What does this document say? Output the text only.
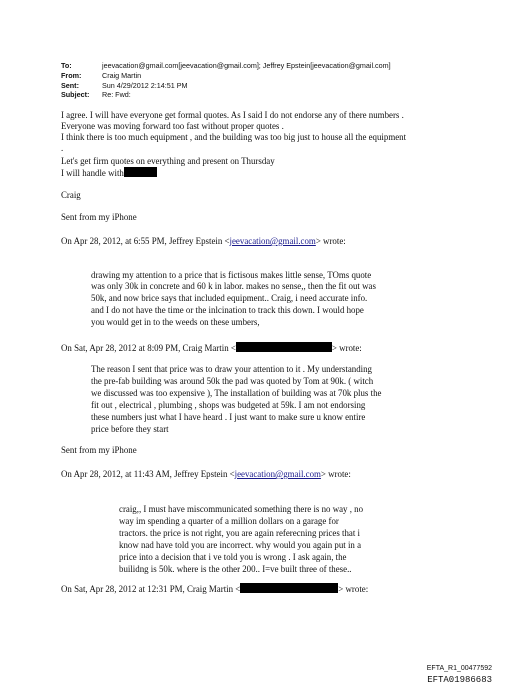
To:	jeevacation@gmail.com[jeevacation@gmail.com]; Jeffrey Epstein[jeevacation@gmail.com]
From:	Craig Martin
Sent:	Sun 4/29/2012 2:14:51 PM
Subject: Re: Fwd:
I agree. I will have everyone get formal quotes. As I said I do not endorse any of there numbers .
Everyone was moving forward too fast without proper quotes .
I think there is too much equipment , and the building was too big just to house all the equipment
.
Let's get firm quotes on everything and present on Thursday
I will handle with
Craig
Sent from my iPhone
On Apr 28, 2012, at 6:55 PM, Jeffrey Epstein <jeevacation@gmail.com> wrote:
drawing my attention to a price that is fictisous makes little sense, TOms quote
was only 30k in concrete and 60 k in labor. makes no sense,, then the fit out was
50k, and now brice says that included equipment.. Craig, i need accurate info.
and I do not have the time or the inlcination to track this down. I would hope
you would get in to the weeds on these umbers,
On Sat, Apr 28, 2012 at 8:09 PM, Craig Martin <	> wrote:
The reason I sent that price was to draw your attention to it . My understanding
the pre-fab building was around 50k the pad was quoted by Tom at 90k. ( witch
we discussed was too expensive ), The installation of building was at 70k plus the
fit out , electrical , plumbing , shops was budgeted at 59k. I am not endorsing
these numbers just what I have heard . I just want to make sure u know entire
price before they start
Sent from my iPhone
On Apr 28, 2012, at 11:43 AM, Jeffrey Epstein <jeevacation@gmail.com> wrote:
craig,, I must have miscommunicated something there is no way , no
way im spending a quarter of a million dollars on a garage for
tractors. the price is not right, you are again referecning prices that i
know nad have told you are incorrect. why would you again put in a
price into a decision that i ve told you is wrong . I ask again, the
builidng is 50k. where is the other 200.. I=ve built three of these..
On Sat, Apr 28, 2012 at 12:31 PM, Craig Martin <	> wrote:
EFTA_R1_00477592
EFTA01986683
